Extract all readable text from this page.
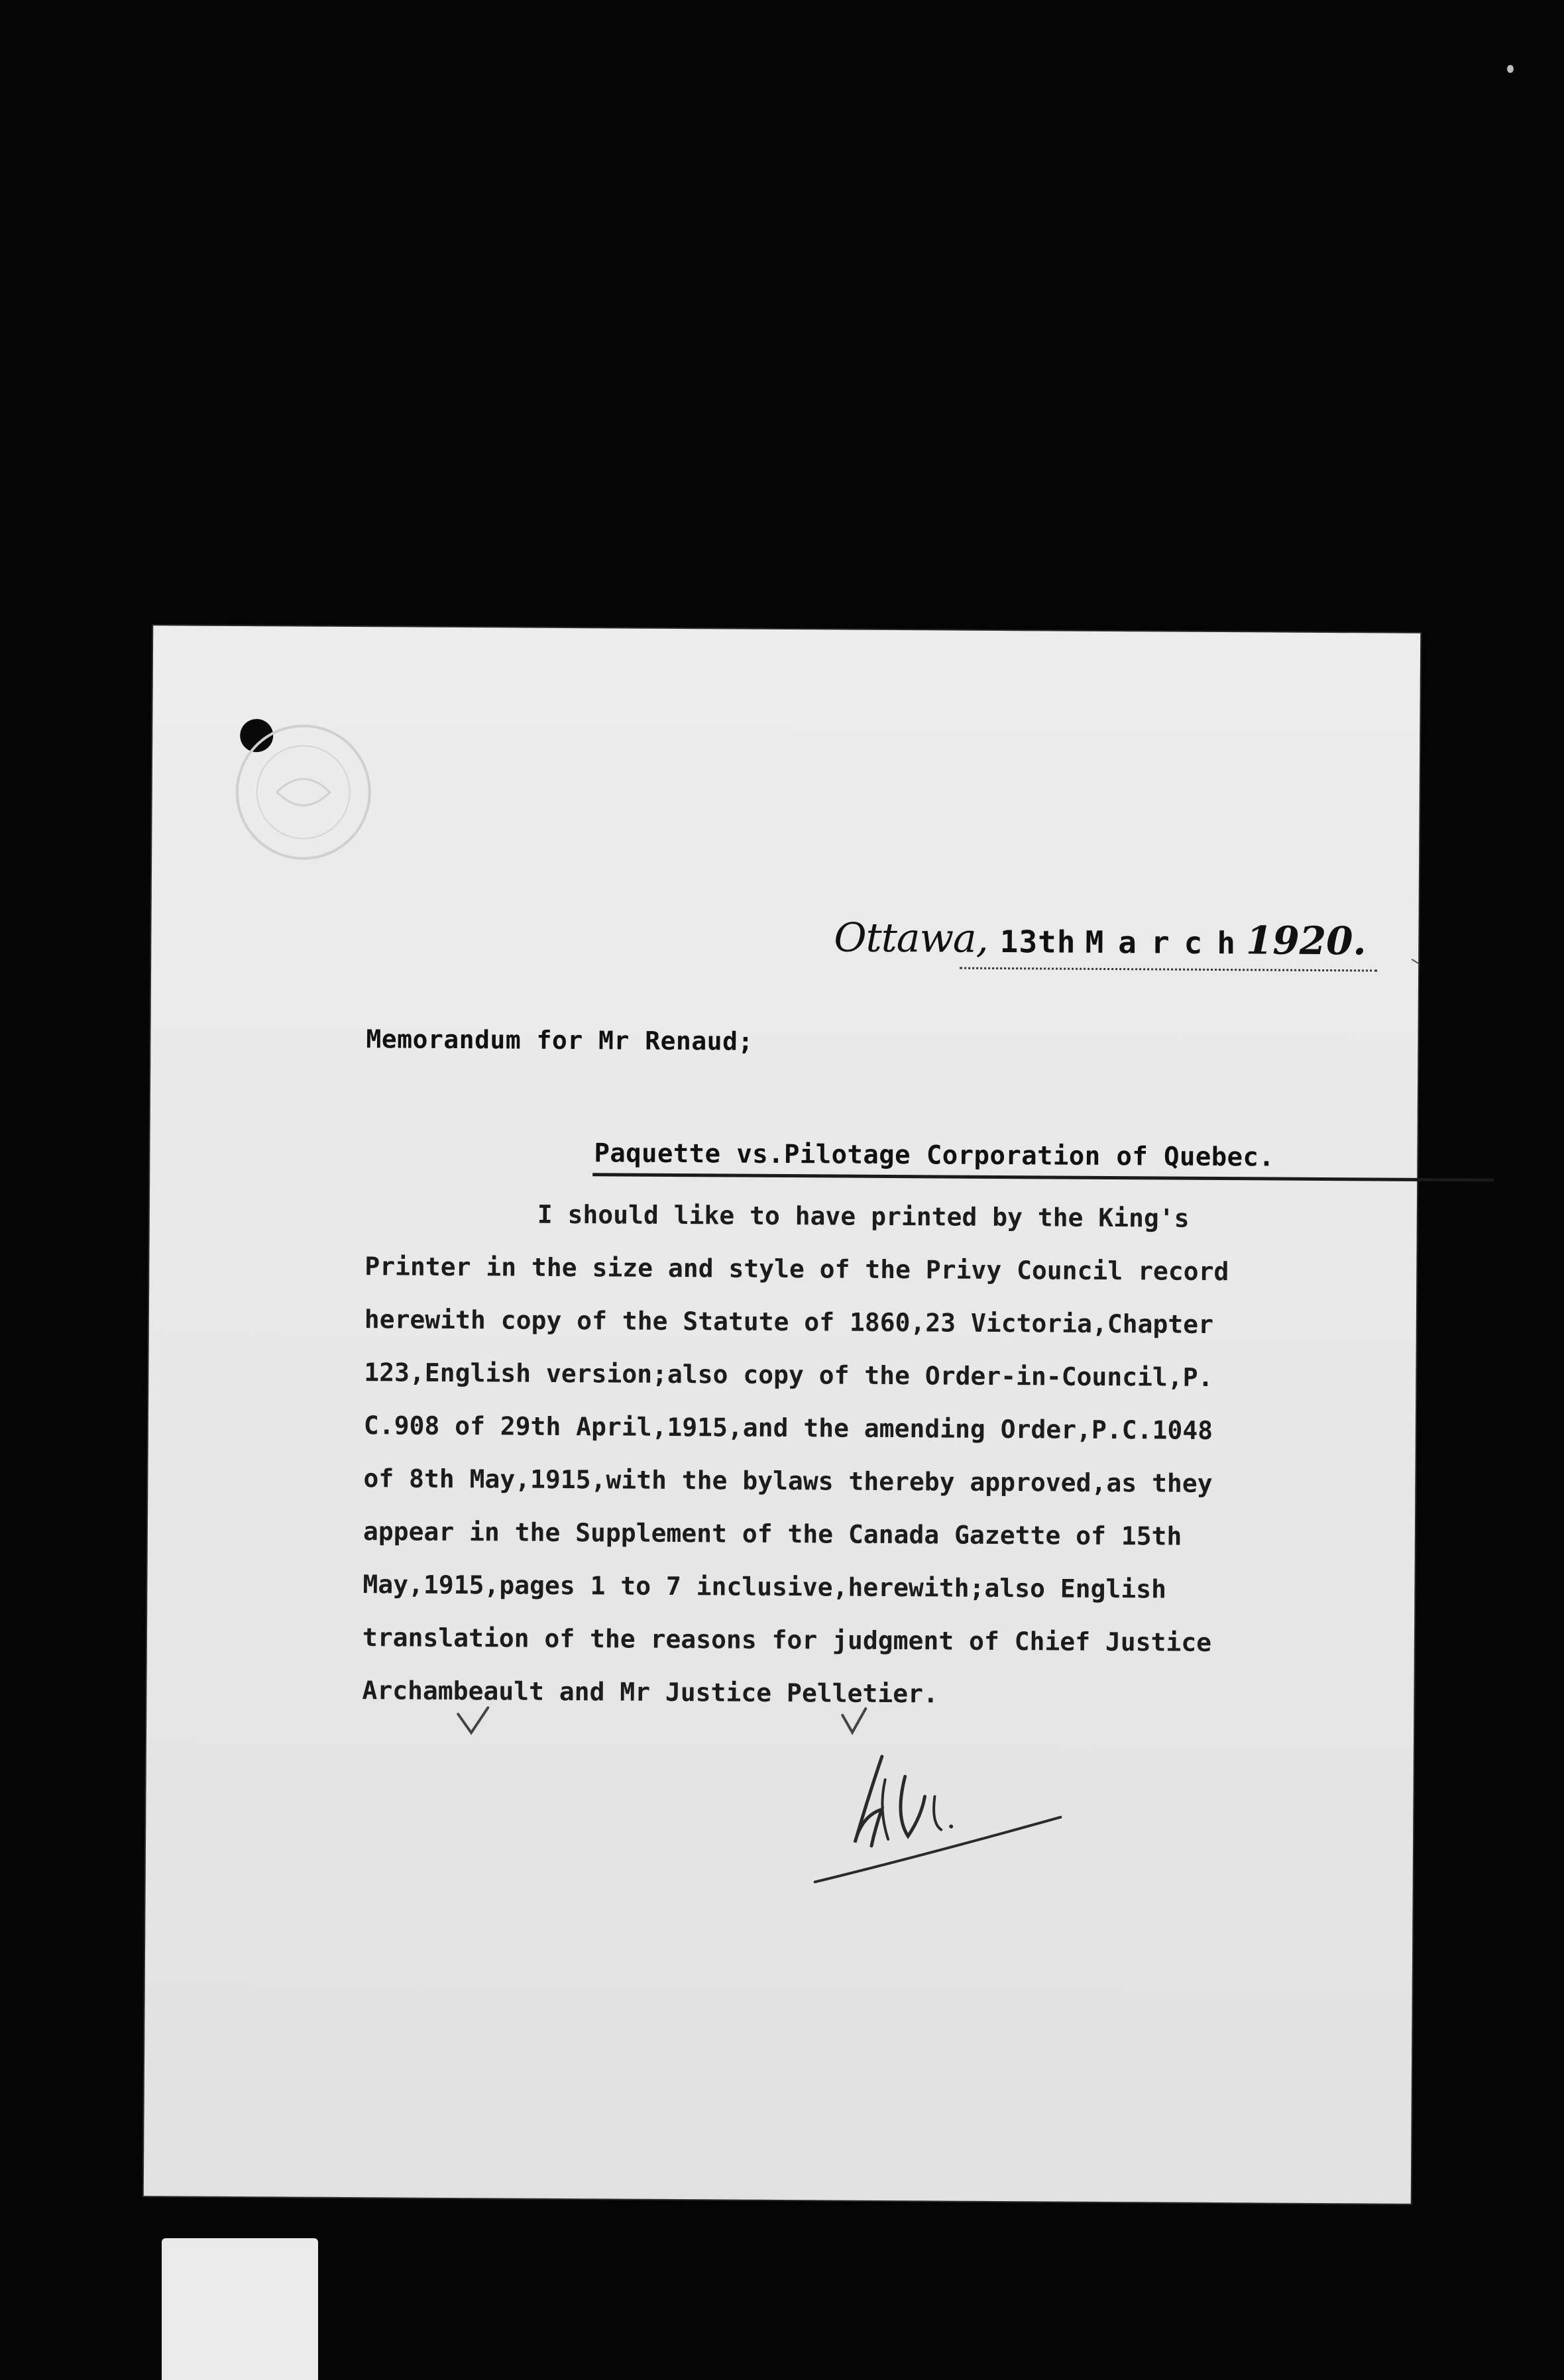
Ottawa, 13th March1920.
Memorandum for Mr Renaud;
Paquette vs.Pilotage Corporation of Quebec.
I should like to have printed by the King's
Printer in the size and style of the Privy Council record
herewith copy of the Statute of 1860,23 Victoria,Chapter
123,English version;also copy of the Order-in-Council,P.
C.908 of 29th April,1915,and the amending Order,P.C.1048
of 8th May,1915,with the bylaws thereby approved,as they
appear in the Supplement of the Canada Gazette of 15th
May,1915,pages 1 to 7 inclusive,herewith;also English
translation of the reasons for judgment of Chief Justice
Archambeault and Mr Justice Pelletier.
